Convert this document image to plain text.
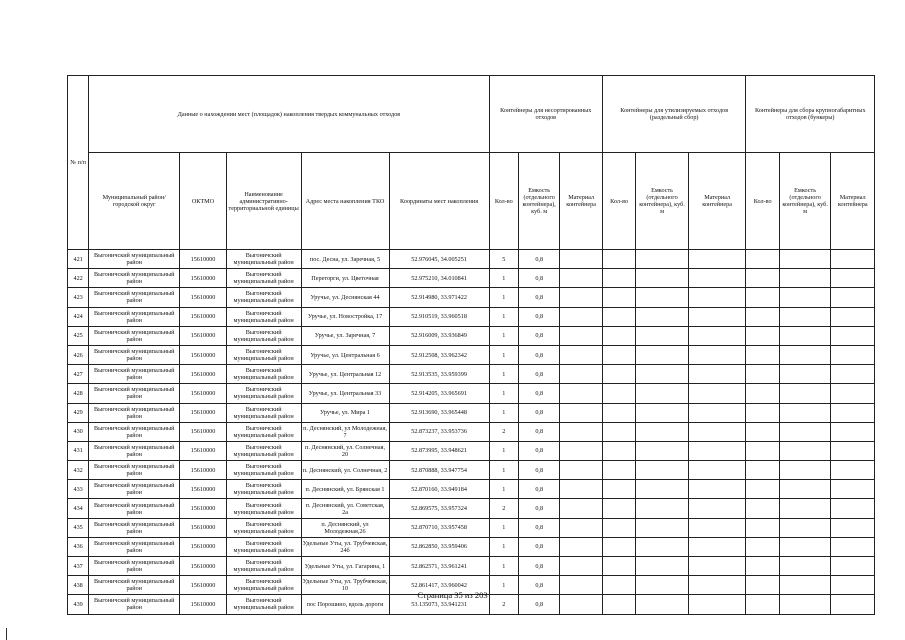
№ п/п	Данные о нахождении мест (площадок) накопления твердых коммунальных отходов					Контейнеры для несортированных отходов			Контейнеры для утилизируемых отходов (раздельный сбор)			Контейнеры для сбора крупногабаритных отходов (бункеры)		
	Муниципальный район/городской округ	ОКТМО	Наименование административно-территориальной единицы	Адрес места накопления ТКО	Координаты мест накопления	Кол-во	Емкость (отдельного контейнера), куб. м	Материал контейнера	Кол-во	Емкость (отдельного контейнера), куб. м	Материал контейнера	Кол-во	Емкость (отдельного контейнера), куб. м	Материал контейнера
421	Выгоничский муниципальный район	15610000	Выгоничский муниципальный район	пос. Десна, ул. Заречная, 5	52.976045, 34.005251	5	0,8							
422	Выгоничский муниципальный район	15610000	Выгоничский муниципальный район	Переторги, ул. Цветочная	52.975210, 34.010841	1	0,8							
423	Выгоничский муниципальный район	15610000	Выгоничский муниципальный район	Уручье, ул. Деснянская 44	52.914980, 33.971422	1	0,8							
424	Выгоничский муниципальный район	15610000	Выгоничский муниципальный район	Уручье, ул. Новостройка, 17	52.910519, 33.960518	1	0,8							
425	Выгоничский муниципальный район	15610000	Выгоничский муниципальный район	Уручье, ул. Заречная, 7	52.916009, 33.936849	1	0,8							
426	Выгоничский муниципальный район	15610000	Выгоничский муниципальный район	Уручье, ул. Центральная 6	52.912508, 33.962342	1	0,8							
427	Выгоничский муниципальный район	15610000	Выгоничский муниципальный район	Уручье, ул. Центральная 12	52.913535, 33.959399	1	0,8							
428	Выгоничский муниципальный район	15610000	Выгоничский муниципальный район	Уручье, ул. Центральная 33	52.914205, 33.965691	1	0,8							
429	Выгоничский муниципальный район	15610000	Выгоничский муниципальный район	Уручье, ул. Мира 1	52.913690, 33.965448	1	0,8							
430	Выгоничский муниципальный район	15610000	Выгоничский муниципальный район	п. Деснянский, ул Молодежная, 7	52.873237, 33.953736	2	0,8							
431	Выгоничский муниципальный район	15610000	Выгоничский муниципальный район	п. Деснянский, ул. Солнечная, 20	52.873995, 33.948621	1	0,8							
432	Выгоничский муниципальный район	15610000	Выгоничский муниципальный район	п. Деснянский, ул. Солнечная, 2	52.870888, 33.947754	1	0,8							
433	Выгоничский муниципальный район	15610000	Выгоничский муниципальный район	п. Деснянский, ул. Брянская 1	52.870160, 33.949184	1	0,8							
434	Выгоничский муниципальный район	15610000	Выгоничский муниципальный район	п. Деснянский, ул. Советская, 2а	52.869575, 33.957324	2	0,8							
435	Выгоничский муниципальный район	15610000	Выгоничский муниципальный район	п. Деснянский, ул Молодежная,26	52.870710, 33.957458	1	0,8							
436	Выгоничский муниципальный район	15610000	Выгоничский муниципальный район	Удельные Уты, ул. Трубчевская, 24б	52.862850, 33.959406	1	0,8							
437	Выгоничский муниципальный район	15610000	Выгоничский муниципальный район	Удельные Уты, ул. Гагарина, 1	52.862571, 33.961241	1	0,8							
438	Выгоничский муниципальный район	15610000	Выгоничский муниципальный район	Удельные Уты, ул. Трубчевская, 10	52.861417, 33.960042	1	0,8							
439	Выгоничский муниципальный район	15610000	Выгоничский муниципальный район	пос Порошино, вдоль дороги	53.135073, 33.941231	2	0,8							
Страница 35 из 203
